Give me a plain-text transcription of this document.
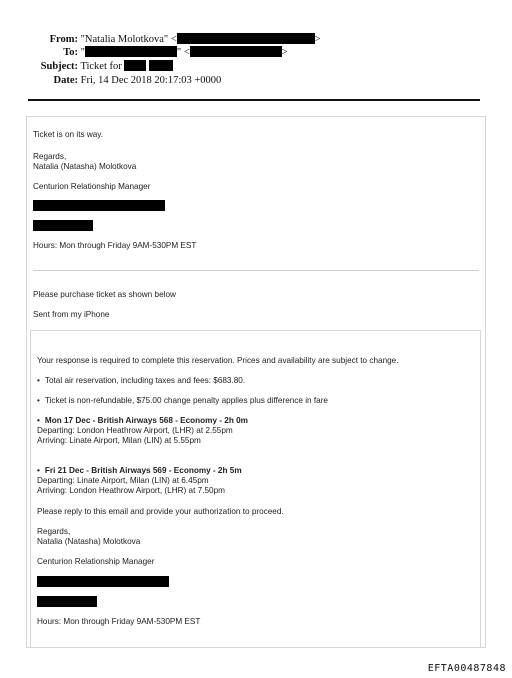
From: "Natalia Molotkova" <	>
To: "	" <	>
Subject: Ticket for
Date: Fri, 14 Dec 2018 20:17:03 +0000
Ticket is on its way.
Regards,
Natalia (Natasha) Molotkova
Centurion Relationship Manager
Hours: Mon through Friday 9AM-530PM EST
Please purchase ticket as shown below
Sent from my iPhone
Your response is required to complete this reservation. Prices and availability are subject to change.
• Total air reservation, including taxes and fees: $683.80.
• Ticket is non-refundable, $75.00 change penalty applies plus difference in fare
• Mon 17 Dec - British Airways 568 - Economy - 2h 0m
Departing: London Heathrow Airport, (LHR) at 2.55pm
Arriving: Linate Airport, Milan (LIN) at 5.55pm
• Fri 21 Dec - British Airways 569 - Economy - 2h 5m
Departing: Linate Airport, Milan (LIN) at 6.45pm
Arriving: London Heathrow Airport, (LHR) at 7.50pm
Please reply to this email and provide your authorization to proceed.
Regards,
Natalia (Natasha) Molotkova
Centurion Relationship Manager
Hours: Mon through Friday 9AM-530PM EST
EFTA00487848
